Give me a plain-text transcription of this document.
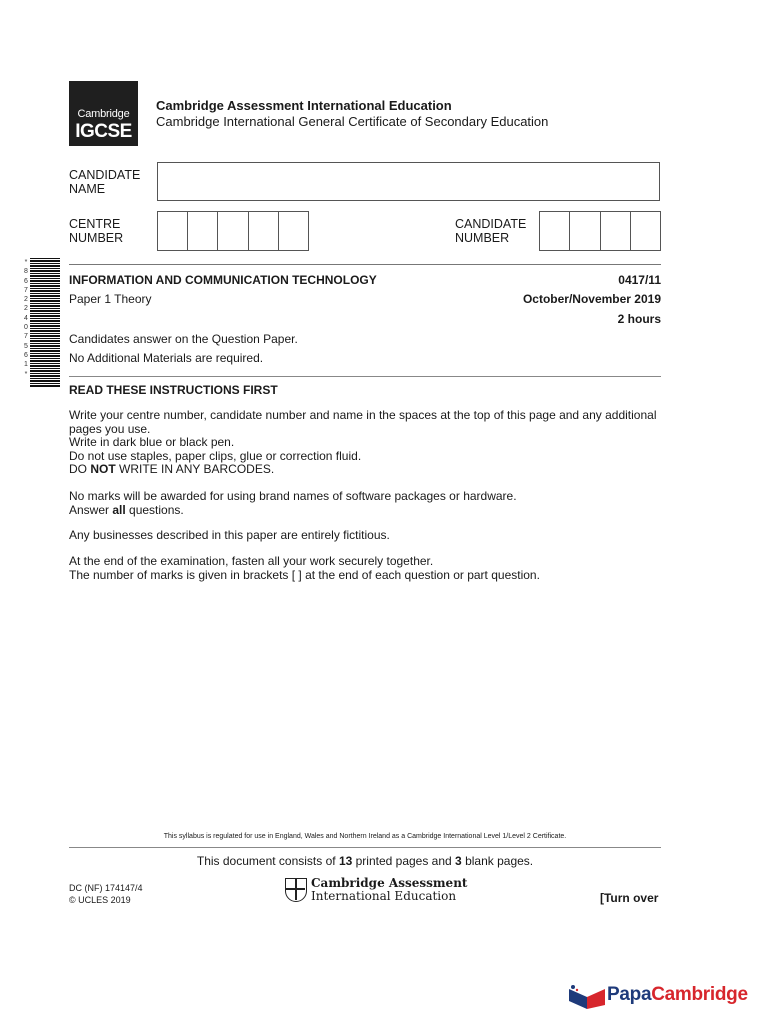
Cambridge
IGCSE
Cambridge Assessment International Education
Cambridge International General Certificate of Secondary Education
CANDIDATE NAME
CENTRE NUMBER
CANDIDATE NUMBER
*
8
6
7
2
2
4
0
7
5
6
1
*
INFORMATION AND COMMUNICATION TECHNOLOGY	0417/11
Paper 1 Theory	October/November 2019
2 hours
Candidates answer on the Question Paper.
No Additional Materials are required.
READ THESE INSTRUCTIONS FIRST
Write your centre number, candidate number and name in the spaces at the top of this page and any additional
pages you use.
Write in dark blue or black pen.
Do not use staples, paper clips, glue or correction fluid.
DO NOT WRITE IN ANY BARCODES.
No marks will be awarded for using brand names of software packages or hardware.
Answer all questions.
Any businesses described in this paper are entirely fictitious.
At the end of the examination, fasten all your work securely together.
The number of marks is given in brackets [ ] at the end of each question or part question.
This syllabus is regulated for use in England, Wales and Northern Ireland as a Cambridge International Level 1/Level 2 Certificate.
This document consists of 13 printed pages and 3 blank pages.
DC (NF) 174147/4
© UCLES 2019
Cambridge Assessment
International Education	[Turn over
PapaCambridge
